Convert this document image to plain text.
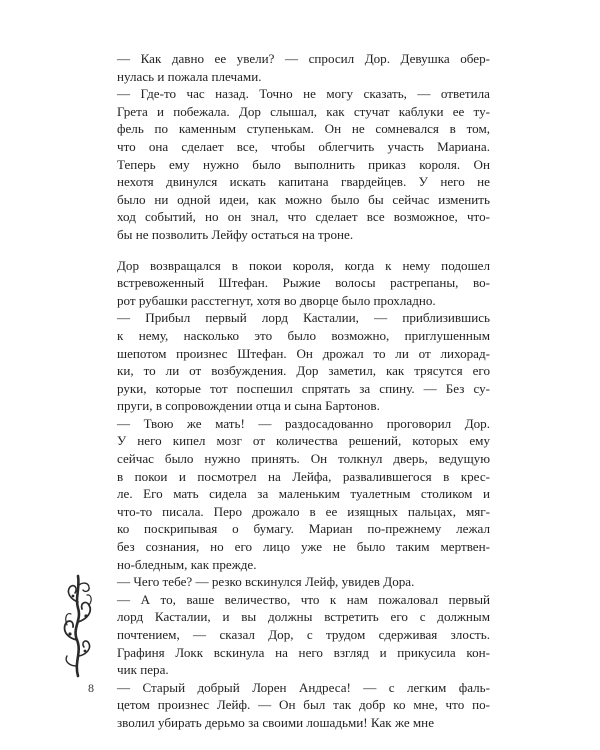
— Как давно ее увели? — спросил Дор. Девушка обер-
нулась и пожала плечами.

— Где-то час назад. Точно не могу сказать, — ответила
Грета и побежала. Дор слышал, как стучат каблуки ее ту-
фель по каменным ступенькам. Он не сомневался в том,
что она сделает все, чтобы облегчить участь Мариана.
Теперь ему нужно было выполнить приказ короля. Он
нехотя двинулся искать капитана гвардейцев. У него не
было ни одной идеи, как можно было бы сейчас изменить
ход событий, но он знал, что сделает все возможное, что-
бы не позволить Лейфу остаться на троне.

Дор возвращался в покои короля, когда к нему подошел
встревоженный Штефан. Рыжие волосы растрепаны, во-
рот рубашки расстегнут, хотя во дворце было прохладно.

— Прибыл первый лорд Касталии, — приблизившись
к нему, насколько это было возможно, приглушенным
шепотом произнес Штефан. Он дрожал то ли от лихорад-
ки, то ли от возбуждения. Дор заметил, как трясутся его
руки, которые тот поспешил спрятать за спину. — Без су-
пруги, в сопровождении отца и сына Бартонов.

— Твою же мать! — раздосадованно проговорил Дор.
У него кипел мозг от количества решений, которых ему
сейчас было нужно принять. Он толкнул дверь, ведущую
в покои и посмотрел на Лейфа, развалившегося в крес-
ле. Его мать сидела за маленьким туалетным столиком и
что-то писала. Перо дрожало в ее изящных пальцах, мяг-
ко поскрипывая о бумагу. Мариан по-прежнему лежал
без сознания, но его лицо уже не было таким мертвен-
но-бледным, как прежде.

— Чего тебе? — резко вскинулся Лейф, увидев Дора.

— А то, ваше величество, что к нам пожаловал первый
лорд Касталии, и вы должны встретить его с должным
почтением, — сказал Дор, с трудом сдерживая злость.
Графиня Локк вскинула на него взгляд и прикусила кон-
чик пера.

— Старый добрый Лорен Андреса! — с легким фаль-
цетом произнес Лейф. — Он был так добр ко мне, что по-
зволил убирать дерьмо за своими лошадьми! Как же мне

8
